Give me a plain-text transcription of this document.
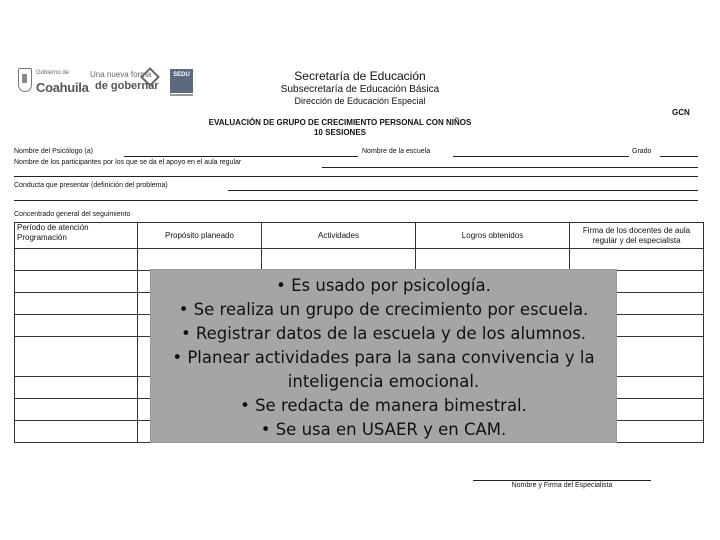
Gobierno de
Coahuila
Una nueva forma
de gobernar
SEDU	Secretaría de Educación
Subsecretaría de Educación Básica
Dirección de Educación Especial
GCN
EVALUACIÓN DE GRUPO DE CRECIMIENTO PERSONAL CON NIÑOS
10 SESIONES
Nombre del Psicólogo (a)	Nombre de la escuela	Grado
Nombre de los participantes por los que se da el apoyo en el aula regular
Conducta que presentar (definición del problema)
Concentrado general del seguimiento
Período de atención Programación	Propósito planeado	Actividades	Logros obtenidos	Firma de los docentes de aula regular y del especialista

Nombre y Firma del Especialista
• Es usado por psicología.
• Se realiza un grupo de crecimiento por escuela.
• Registrar datos de la escuela y de los alumnos.
• Planear actividades para la sana convivencia y la inteligencia emocional.
• Se redacta de manera bimestral.
• Se usa en USAER y en CAM.
